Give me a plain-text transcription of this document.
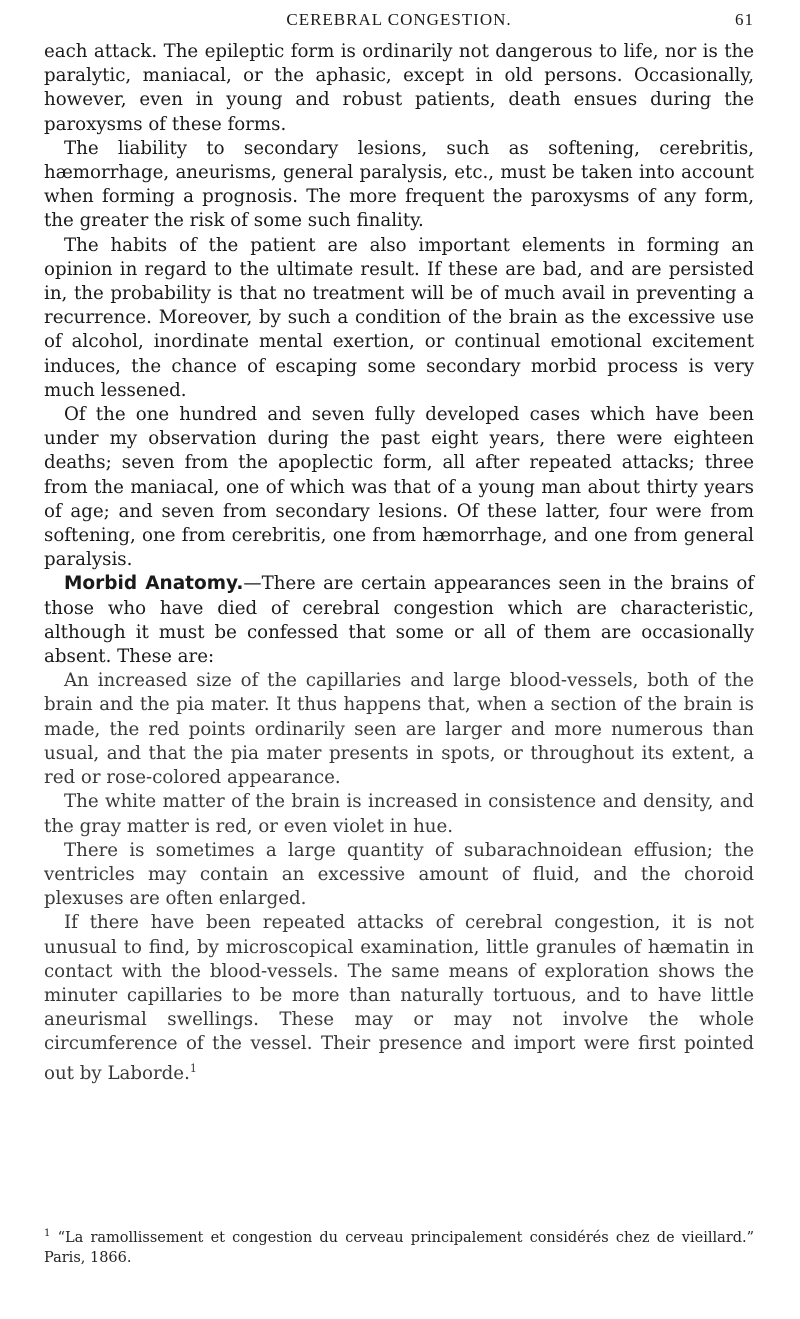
CEREBRAL CONGESTION.	61

each attack. The epileptic form is ordinarily not dangerous to life, nor is the paralytic, maniacal, or the aphasic, except in old persons. Occasionally, however, even in young and robust patients, death ensues during the paroxysms of these forms.

The liability to secondary lesions, such as softening, cerebritis, hæmorrhage, aneurisms, general paralysis, etc., must be taken into account when forming a prognosis. The more frequent the paroxysms of any form, the greater the risk of some such finality.

The habits of the patient are also important elements in forming an opinion in regard to the ultimate result. If these are bad, and are persisted in, the probability is that no treatment will be of much avail in preventing a recurrence. Moreover, by such a condition of the brain as the excessive use of alcohol, inordinate mental exertion, or continual emotional excitement induces, the chance of escaping some secondary morbid process is very much lessened.

Of the one hundred and seven fully developed cases which have been under my observation during the past eight years, there were eighteen deaths; seven from the apoplectic form, all after repeated attacks; three from the maniacal, one of which was that of a young man about thirty years of age; and seven from secondary lesions. Of these latter, four were from softening, one from cerebritis, one from hæmorrhage, and one from general paralysis.

Morbid Anatomy.—There are certain appearances seen in the brains of those who have died of cerebral congestion which are characteristic, although it must be confessed that some or all of them are occasionally absent. These are:

An increased size of the capillaries and large blood-vessels, both of the brain and the pia mater. It thus happens that, when a section of the brain is made, the red points ordinarily seen are larger and more numerous than usual, and that the pia mater presents in spots, or throughout its extent, a red or rose-colored appearance.

The white matter of the brain is increased in consistence and density, and the gray matter is red, or even violet in hue.

There is sometimes a large quantity of subarachnoidean effusion; the ventricles may contain an excessive amount of fluid, and the choroid plexuses are often enlarged.

If there have been repeated attacks of cerebral congestion, it is not unusual to find, by microscopical examination, little granules of hæmatin in contact with the blood-vessels. The same means of exploration shows the minuter capillaries to be more than naturally tortuous, and to have little aneurismal swellings. These may or may not involve the whole circumference of the vessel. Their presence and import were first pointed out by Laborde.$^1$

$^1$ “La ramollissement et congestion du cerveau principalement considérés chez de vieillard.” Paris, 1866.
